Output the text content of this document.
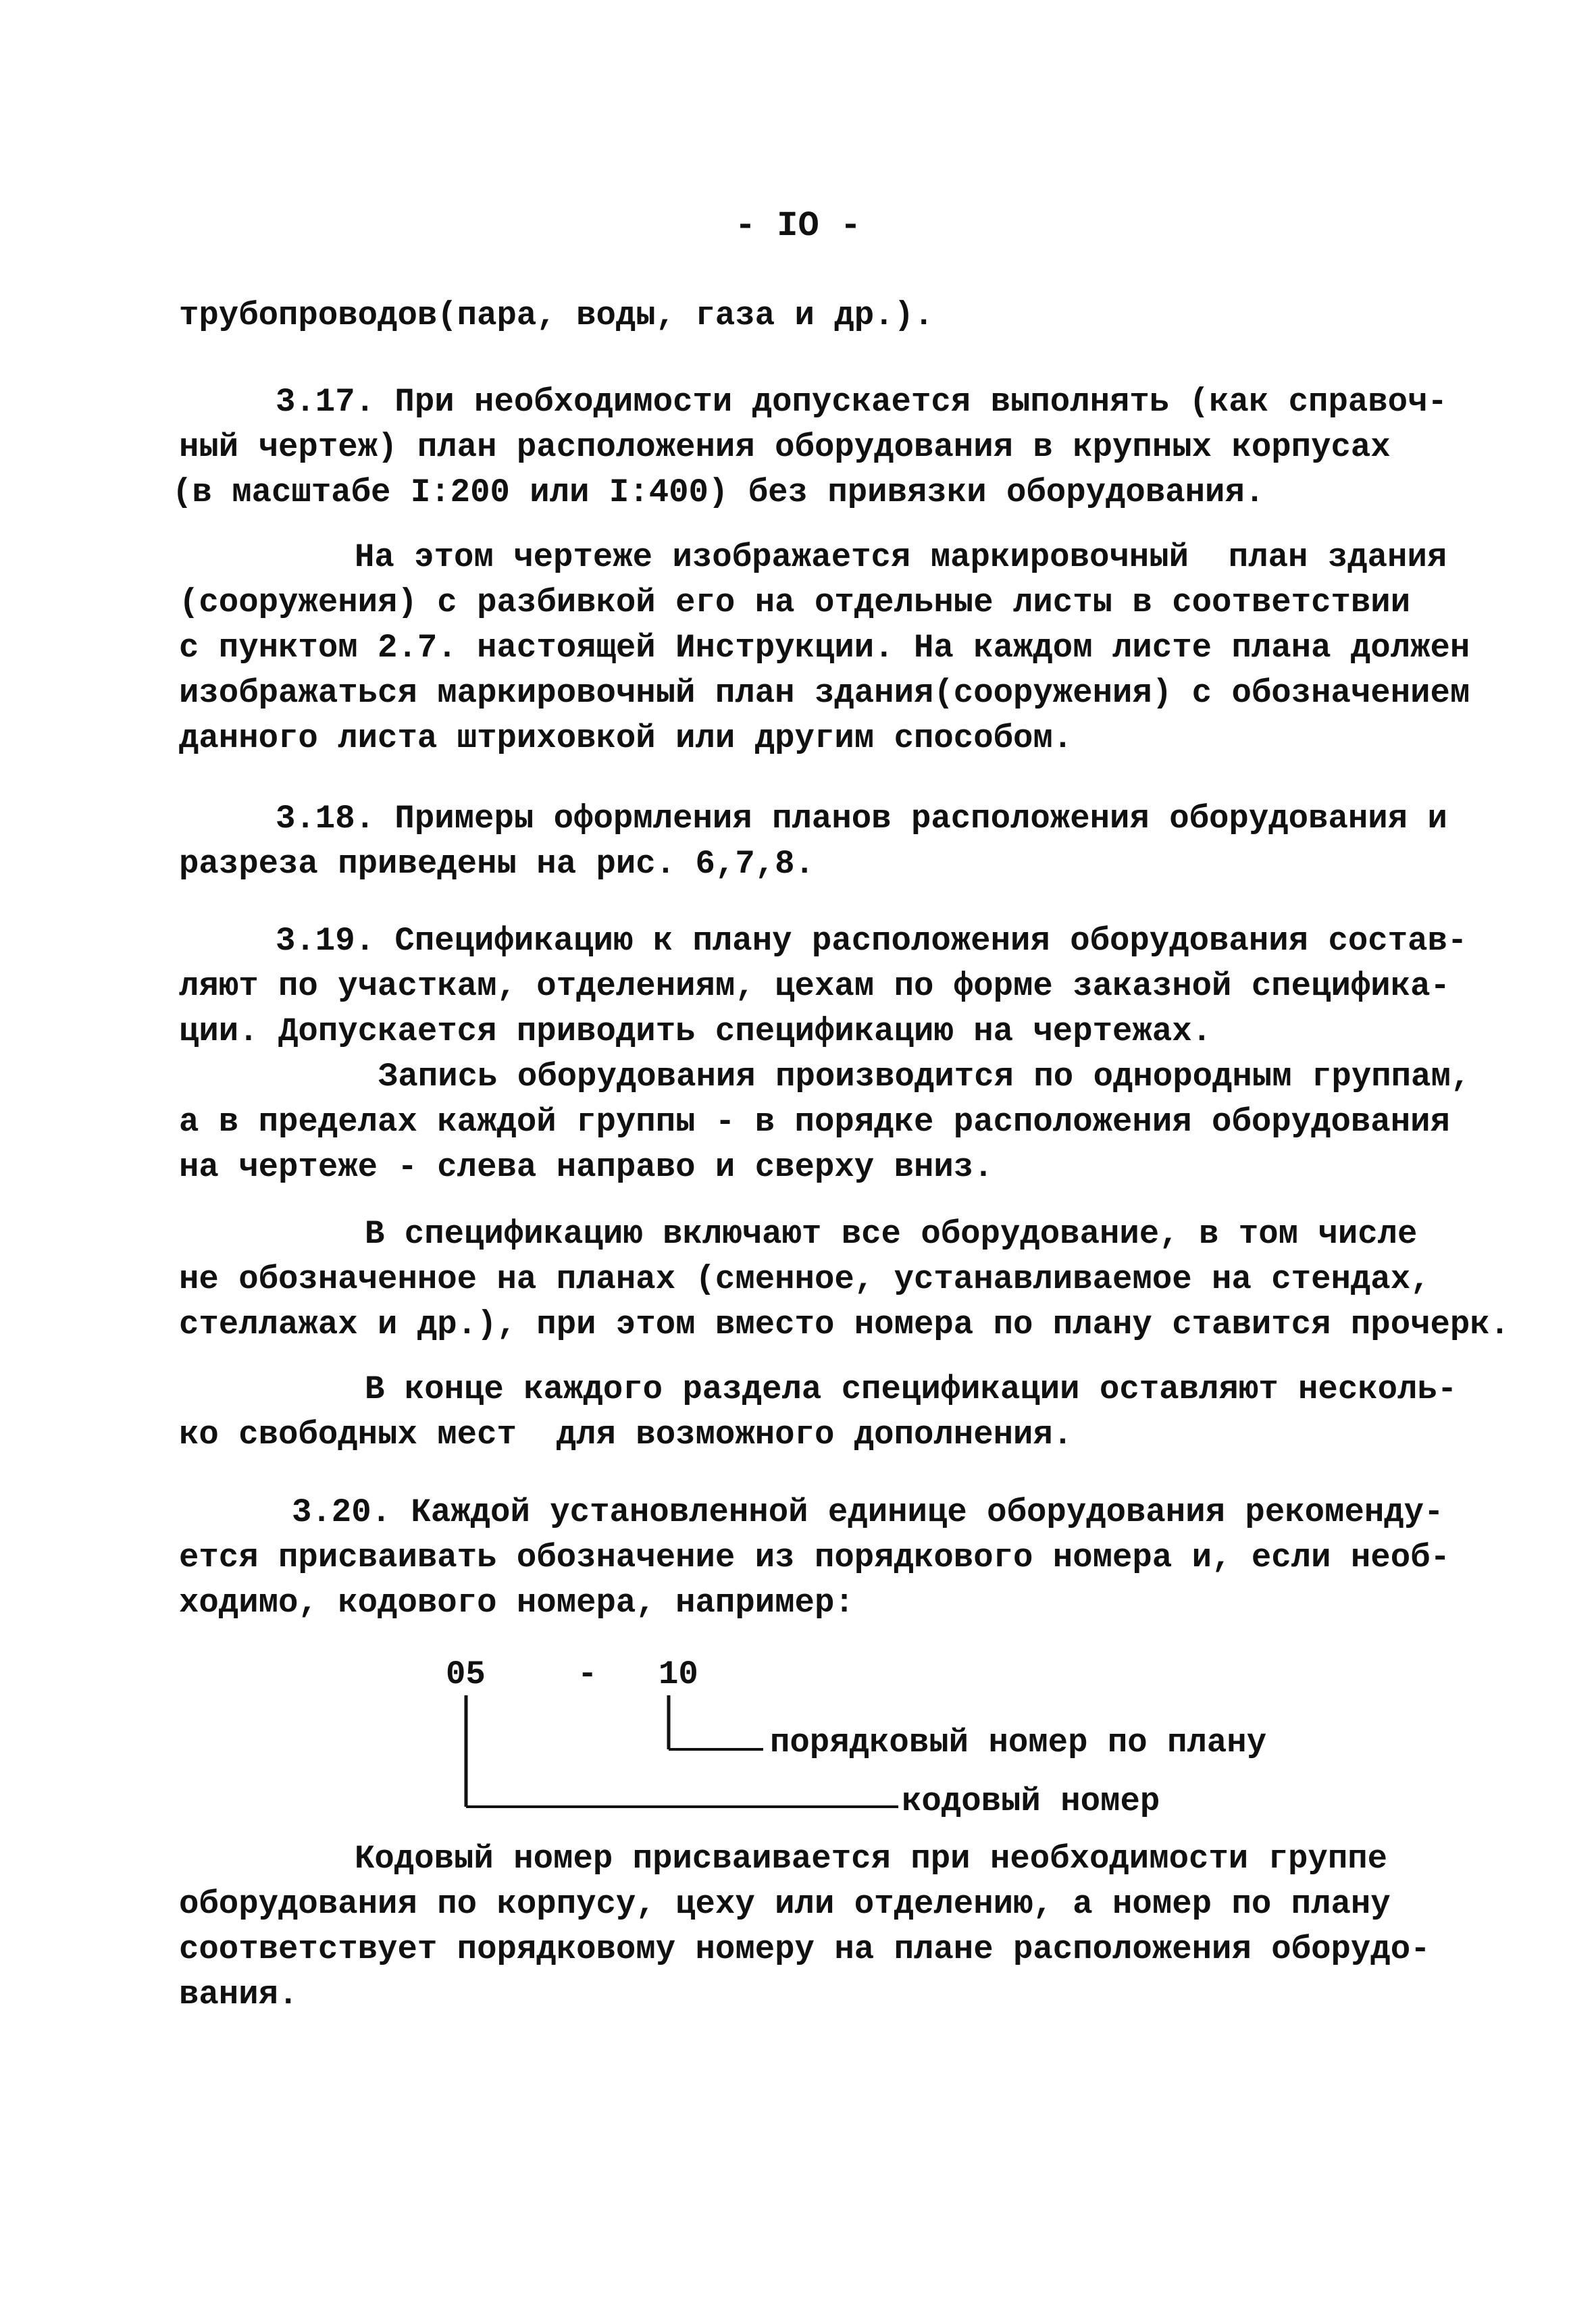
- IO -
трубопроводов(пара, воды, газа и др.).
3.17. При необходимости допускается выполнять (как справоч-
ный чертеж) план расположения оборудования в крупных корпусах
(в масштабе I:200 или I:400) без привязки оборудования.
На этом чертеже изображается маркировочный  план здания
(сооружения) с разбивкой его на отдельные листы в соответствии
с пунктом 2.7. настоящей Инструкции. На каждом листе плана должен
изображаться маркировочный план здания(сооружения) с обозначением
данного листа штриховкой или другим способом.
3.18. Примеры оформления планов расположения оборудования и
разреза приведены на рис. 6,7,8.
3.19. Спецификацию к плану расположения оборудования состав-
ляют по участкам, отделениям, цехам по форме заказной специфика-
ции. Допускается приводить спецификацию на чертежах.
Запись оборудования производится по однородным группам,
а в пределах каждой группы - в порядке расположения оборудования
на чертеже - слева направо и сверху вниз.
В спецификацию включают все оборудование, в том числе
не обозначенное на планах (сменное, устанавливаемое на стендах,
стеллажах и др.), при этом вместо номера по плану ставится прочерк.
В конце каждого раздела спецификации оставляют несколь-
ко свободных мест  для возможного дополнения.
3.20. Каждой установленной единице оборудования рекоменду-
ется присваивать обозначение из порядкового номера и, если необ-
ходимо, кодового номера, например:
05	- 10
порядковый номер по плану
кодовый номер
Кодовый номер присваивается при необходимости группе
оборудования по корпусу, цеху или отделению, а номер по плану
соответствует порядковому номеру на плане расположения оборудо-
вания.
